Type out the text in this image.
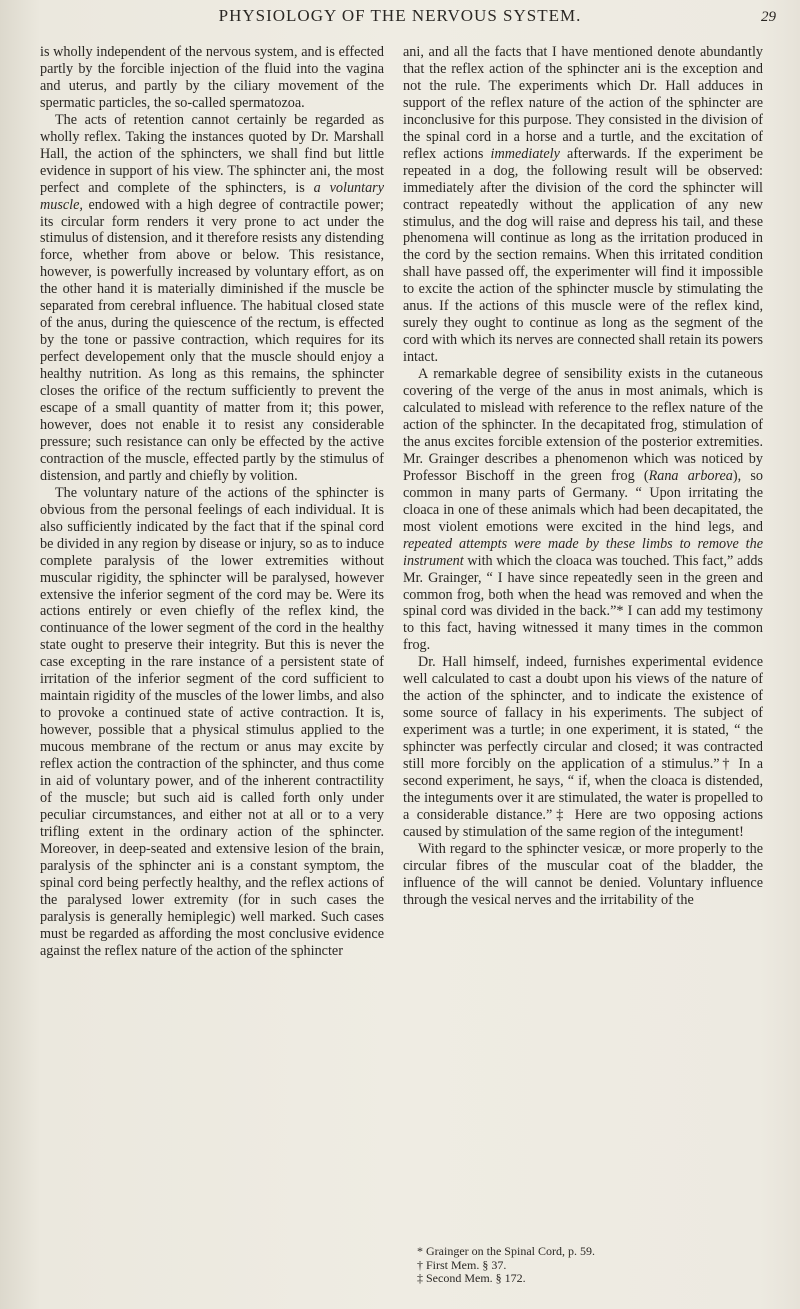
PHYSIOLOGY OF THE NERVOUS SYSTEM.	29

is wholly independent of the nervous system, and is effected partly by the forcible injection of the fluid into the vagina and uterus, and partly by the ciliary movement of the spermatic particles, the so-called spermatozoa.

The acts of retention cannot certainly be regarded as wholly reflex. Taking the instances quoted by Dr. Marshall Hall, the action of the sphincters, we shall find but little evidence in support of his view. The sphincter ani, the most perfect and complete of the sphincters, is a voluntary muscle, endowed with a high degree of contractile power; its circular form renders it very prone to act under the stimulus of distension, and it therefore resists any distending force, whether from above or below. This resistance, however, is powerfully increased by voluntary effort, as on the other hand it is materially diminished if the muscle be separated from cerebral influence. The habitual closed state of the anus, during the quiescence of the rectum, is effected by the tone or passive contraction, which requires for its perfect developement only that the muscle should enjoy a healthy nutrition. As long as this remains, the sphincter closes the orifice of the rectum sufficiently to prevent the escape of a small quantity of matter from it; this power, however, does not enable it to resist any considerable pressure; such resistance can only be effected by the active contraction of the muscle, effected partly by the stimulus of distension, and partly and chiefly by volition.

The voluntary nature of the actions of the sphincter is obvious from the personal feelings of each individual. It is also sufficiently indicated by the fact that if the spinal cord be divided in any region by disease or injury, so as to induce complete paralysis of the lower extremities without muscular rigidity, the sphincter will be paralysed, however extensive the inferior segment of the cord may be. Were its actions entirely or even chiefly of the reflex kind, the continuance of the lower segment of the cord in the healthy state ought to preserve their integrity. But this is never the case excepting in the rare instance of a persistent state of irritation of the inferior segment of the cord sufficient to maintain rigidity of the muscles of the lower limbs, and also to provoke a continued state of active contraction. It is, however, possible that a physical stimulus applied to the mucous membrane of the rectum or anus may excite by reflex action the contraction of the sphincter, and thus come in aid of voluntary power, and of the inherent contractility of the muscle; but such aid is called forth only under peculiar circumstances, and either not at all or to a very trifling extent in the ordinary action of the sphincter. Moreover, in deep-seated and extensive lesion of the brain, paralysis of the sphincter ani is a constant symptom, the spinal cord being perfectly healthy, and the reflex actions of the paralysed lower extremity (for in such cases the paralysis is generally hemiplegic) well marked. Such cases must be regarded as affording the most conclusive evidence against the reflex nature of the action of the sphincter

ani, and all the facts that I have mentioned denote abundantly that the reflex action of the sphincter ani is the exception and not the rule. The experiments which Dr. Hall adduces in support of the reflex nature of the action of the sphincter are inconclusive for this purpose. They consisted in the division of the spinal cord in a horse and a turtle, and the excitation of reflex actions immediately afterwards. If the experiment be repeated in a dog, the following result will be observed: immediately after the division of the cord the sphincter will contract repeatedly without the application of any new stimulus, and the dog will raise and depress his tail, and these phenomena will continue as long as the irritation produced in the cord by the section remains. When this irritated condition shall have passed off, the experimenter will find it impossible to excite the action of the sphincter muscle by stimulating the anus. If the actions of this muscle were of the reflex kind, surely they ought to continue as long as the segment of the cord with which its nerves are connected shall retain its powers intact.

A remarkable degree of sensibility exists in the cutaneous covering of the verge of the anus in most animals, which is calculated to mislead with reference to the reflex nature of the action of the sphincter. In the decapitated frog, stimulation of the anus excites forcible extension of the posterior extremities. Mr. Grainger describes a phenomenon which was noticed by Professor Bischoff in the green frog (Rana arborea), so common in many parts of Germany. “ Upon irritating the cloaca in one of these animals which had been decapitated, the most violent emotions were excited in the hind legs, and repeated attempts were made by these limbs to remove the instrument with which the cloaca was touched. This fact,” adds Mr. Grainger, “ I have since repeatedly seen in the green and common frog, both when the head was removed and when the spinal cord was divided in the back.”* I can add my testimony to this fact, having witnessed it many times in the common frog.

Dr. Hall himself, indeed, furnishes experimental evidence well calculated to cast a doubt upon his views of the nature of the action of the sphincter, and to indicate the existence of some source of fallacy in his experiments. The subject of experiment was a turtle; in one experiment, it is stated, “ the sphincter was perfectly circular and closed; it was contracted still more forcibly on the application of a stimulus.”† In a second experiment, he says, “ if, when the cloaca is distended, the integuments over it are stimulated, the water is propelled to a considerable distance.”‡ Here are two opposing actions caused by stimulation of the same region of the integument!

With regard to the sphincter vesicæ, or more properly to the circular fibres of the muscular coat of the bladder, the influence of the will cannot be denied. Voluntary influence through the vesical nerves and the irritability of the

* Grainger on the Spinal Cord, p. 59.
† First Mem. § 37.
‡ Second Mem. § 172.
